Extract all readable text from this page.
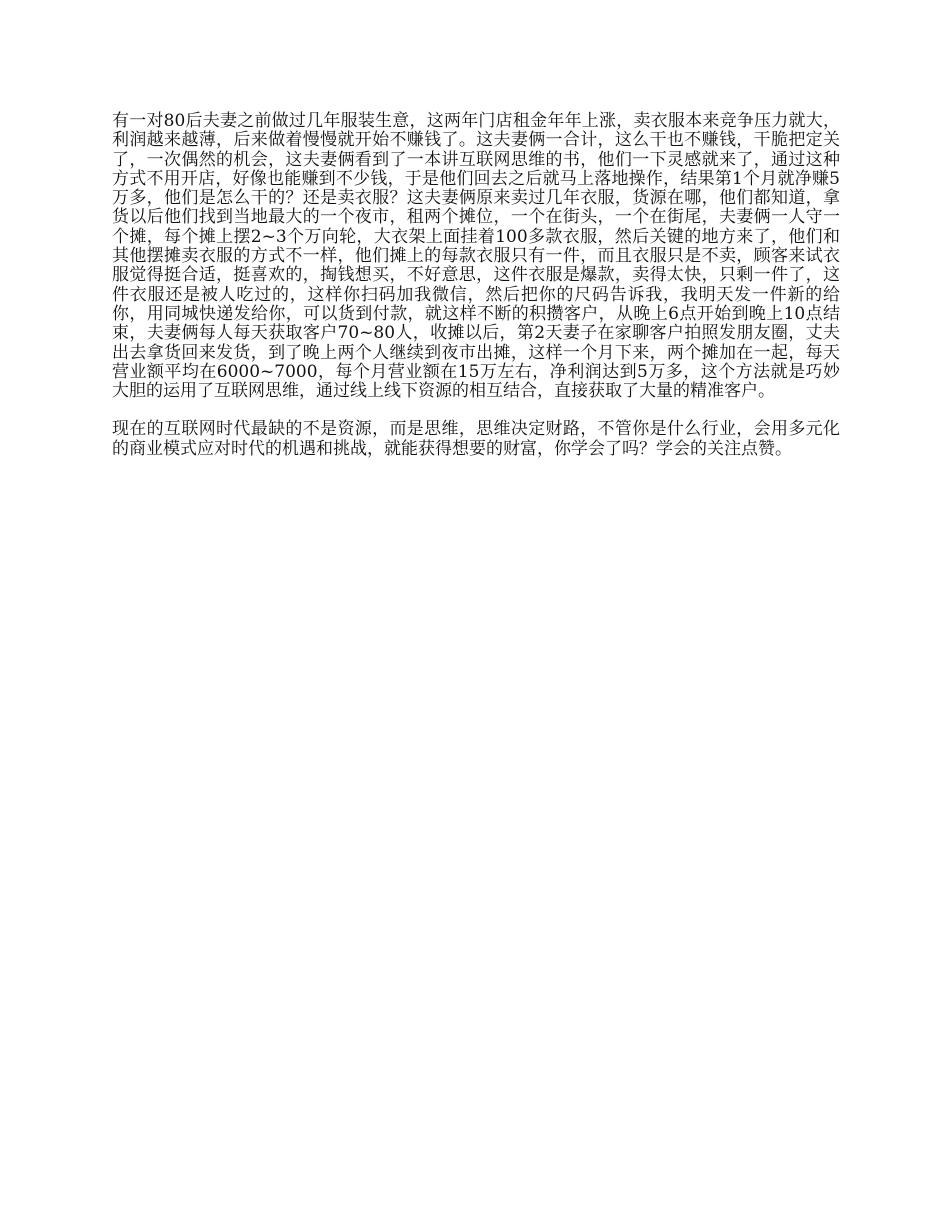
有一对80后夫妻之前做过几年服装生意，这两年门店租金年年上涨，卖衣服本来竞争压力就大，利润越来越薄，后来做着慢慢就开始不赚钱了。这夫妻俩一合计，这么干也不赚钱，干脆把定关了，一次偶然的机会，这夫妻俩看到了一本讲互联网思维的书，他们一下灵感就来了，通过这种方式不用开店，好像也能赚到不少钱，于是他们回去之后就马上落地操作，结果第1个月就净赚5万多，他们是怎么干的？还是卖衣服？这夫妻俩原来卖过几年衣服，货源在哪，他们都知道，拿货以后他们找到当地最大的一个夜市，租两个摊位，一个在街头，一个在街尾，夫妻俩一人守一个摊，每个摊上摆2~3个万向轮，大衣架上面挂着100多款衣服，然后关键的地方来了，他们和其他摆摊卖衣服的方式不一样，他们摊上的每款衣服只有一件，而且衣服只是不卖，顾客来试衣服觉得挺合适，挺喜欢的，掏钱想买，不好意思，这件衣服是爆款，卖得太快，只剩一件了，这件衣服还是被人吃过的，这样你扫码加我微信，然后把你的尺码告诉我，我明天发一件新的给你，用同城快递发给你，可以货到付款，就这样不断的积攒客户，从晚上6点开始到晚上10点结束，夫妻俩每人每天获取客户70~80人，收摊以后，第2天妻子在家聊客户拍照发朋友圈，丈夫出去拿货回来发货，到了晚上两个人继续到夜市出摊，这样一个月下来，两个摊加在一起，每天营业额平均在6000~7000，每个月营业额在15万左右，净利润达到5万多，这个方法就是巧妙大胆的运用了互联网思维，通过线上线下资源的相互结合，直接获取了大量的精准客户。

现在的互联网时代最缺的不是资源，而是思维，思维决定财路，不管你是什么行业，会用多元化的商业模式应对时代的机遇和挑战，就能获得想要的财富，你学会了吗？学会的关注点赞。
